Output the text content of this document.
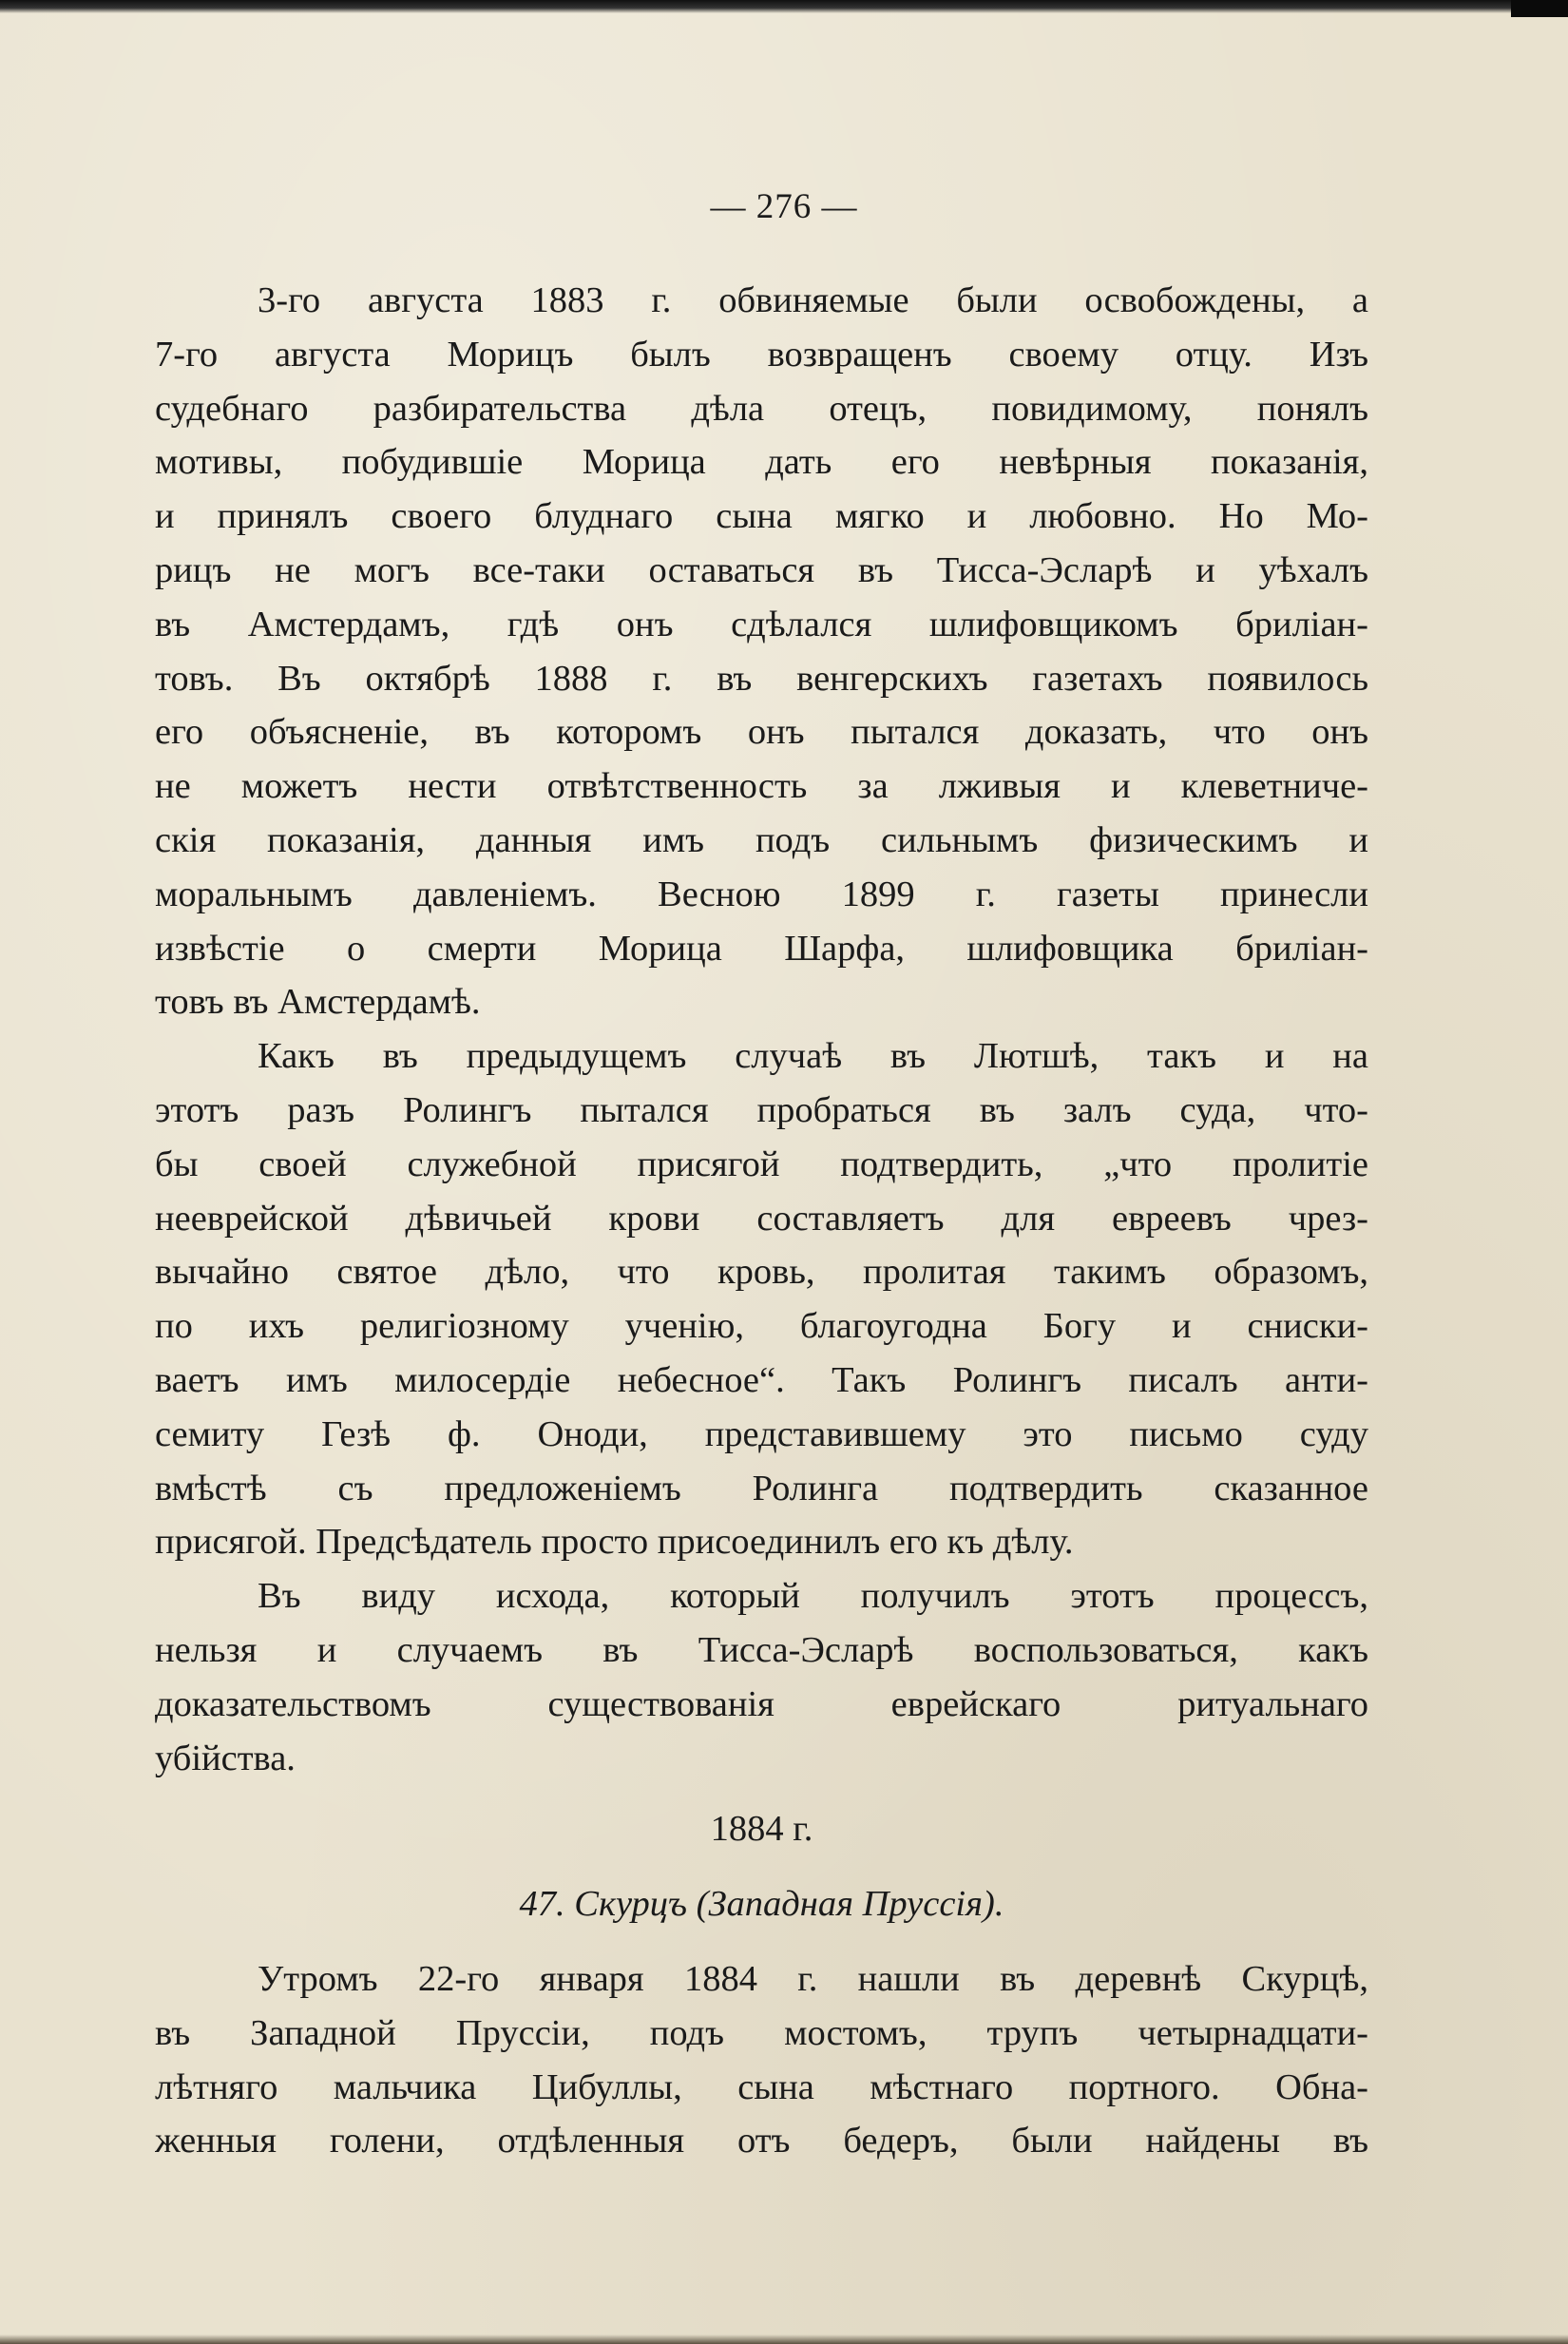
— 276 —
3-го августа 1883 г. обвиняемые были освобождены, а
7-го августа Морицъ былъ возвращенъ своему отцу. Изъ
судебнаго разбирательства дѣла отецъ, повидимому, понялъ
мотивы, побудившіе Морица дать его невѣрныя показанія,
и принялъ своего блуднаго сына мягко и любовно. Но Мо-
рицъ не могъ все-таки оставаться въ Тисса-Эсларѣ и уѣхалъ
въ Амстердамъ, гдѣ онъ сдѣлался шлифовщикомъ бриліан-
товъ. Въ октябрѣ 1888 г. въ венгерскихъ газетахъ появилось
его объясненіе, въ которомъ онъ пытался доказать, что онъ
не можетъ нести отвѣтственность за лживыя и клеветниче-
скія показанія, данныя имъ подъ сильнымъ физическимъ и
моральнымъ давленіемъ. Весною 1899 г. газеты принесли
извѣстіе о смерти Морица Шарфа, шлифовщика бриліан-
товъ въ Амстердамѣ.
Какъ въ предыдущемъ случаѣ въ Лютшѣ, такъ и на
этотъ разъ Ролингъ пытался пробраться въ залъ суда, что-
бы своей служебной присягой подтвердить, „что пролитіе
нееврейской дѣвичьей крови составляетъ для евреевъ чрез-
вычайно святое дѣло, что кровь, пролитая такимъ образомъ,
по ихъ религіозному ученію, благоугодна Богу и сниски-
ваетъ имъ милосердіе небесное“. Такъ Ролингъ писалъ анти-
семиту Гезѣ ф. Оноди, представившему это письмо суду
вмѣстѣ съ предложеніемъ Ролинга подтвердить сказанное
присягой. Предсѣдатель просто присоединилъ его къ дѣлу.
Въ виду исхода, который получилъ этотъ процессъ,
нельзя и случаемъ въ Тисса-Эсларѣ воспользоваться, какъ
доказательствомъ существованія еврейскаго ритуальнаго
убійства.
1884 г.
47. Скурцъ (Западная Пруссія).
Утромъ 22-го января 1884 г. нашли въ деревнѣ Скурцѣ,
въ Западной Пруссіи, подъ мостомъ, трупъ четырнадцати-
лѣтняго мальчика Цибуллы, сына мѣстнаго портного. Обна-
женныя голени, отдѣленныя отъ бедеръ, были найдены въ
